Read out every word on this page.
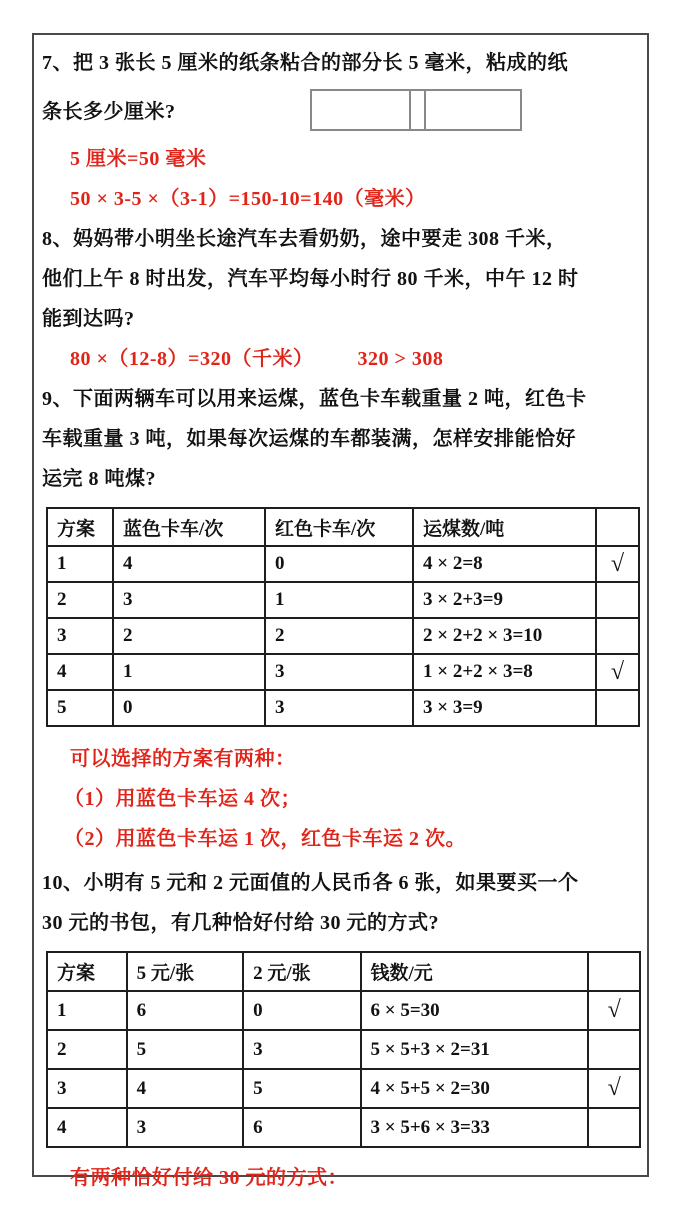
7、把 3 张长 5 厘米的纸条粘合的部分长 5 毫米，粘成的纸

条长多少厘米?

5 厘米=50 毫米

50 × 3-5 ×（3-1）=150-10=140（毫米）

8、妈妈带小明坐长途汽车去看奶奶，途中要走 308 千米，

他们上午 8 时出发，汽车平均每小时行 80 千米，中午 12 时

能到达吗?

80 ×（12-8）=320（千米） 320 > 308

9、下面两辆车可以用来运煤，蓝色卡车载重量 2 吨，红色卡

车载重量 3 吨，如果每次运煤的车都装满，怎样安排能恰好

运完 8 吨煤?

方案	蓝色卡车/次	红色卡车/次	运煤数/吨	
1	4	0	4 × 2=8	√
2	3	1	3 × 2+3=9	
3	2	2	2 × 2+2 × 3=10	
4	1	3	1 × 2+2 × 3=8	√
5	0	3	3 × 3=9	

可以选择的方案有两种：

（1）用蓝色卡车运 4 次；

（2）用蓝色卡车运 1 次，红色卡车运 2 次。

10、小明有 5 元和 2 元面值的人民币各 6 张，如果要买一个

30 元的书包，有几种恰好付给 30 元的方式?

方案	5 元/张	2 元/张	钱数/元	
1	6	0	6 × 5=30	√
2	5	3	5 × 5+3 × 2=31	
3	4	5	4 × 5+5 × 2=30	√
4	3	6	3 × 5+6 × 3=33	

有两种恰好付给 30 元的方式：
